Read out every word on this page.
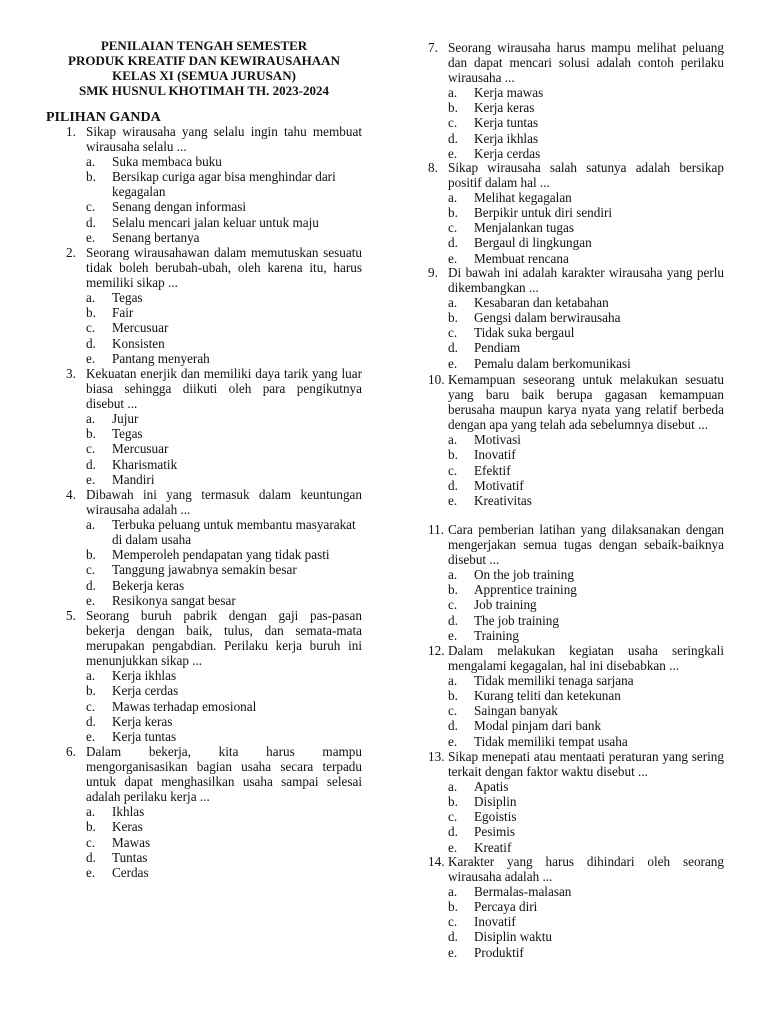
PENILAIAN TENGAH SEMESTER
PRODUK KREATIF DAN KEWIRAUSAHAAN
KELAS XI (SEMUA JURUSAN)
SMK HUSNUL KHOTIMAH TH. 2023-2024
PILIHAN GANDA
1. Sikap wirausaha yang selalu ingin tahu membuat wirausaha selalu ...
a.	Suka membaca buku
b.	Bersikap curiga agar bisa menghindar dari kegagalan
c.	Senang dengan informasi
d.	Selalu mencari jalan keluar untuk maju
e.	Senang bertanya
2. Seorang wirausahawan dalam memutuskan sesuatu tidak boleh berubah-ubah, oleh karena itu, harus memiliki sikap ...
a.	Tegas
b.	Fair
c.	Mercusuar
d.	Konsisten
e.	Pantang menyerah
3. Kekuatan enerjik dan memiliki daya tarik yang luar biasa sehingga diikuti oleh para pengikutnya disebut ...
a.	Jujur
b.	Tegas
c.	Mercusuar
d.	Kharismatik
e.	Mandiri
4. Dibawah ini yang termasuk dalam keuntungan wirausaha adalah ...
a.	Terbuka peluang untuk membantu masyarakat di dalam usaha
b.	Memperoleh pendapatan yang tidak pasti
c.	Tanggung jawabnya semakin besar
d.	Bekerja keras
e.	Resikonya sangat besar
5. Seorang buruh pabrik dengan gaji pas-pasan bekerja dengan baik, tulus, dan semata-mata merupakan pengabdian. Perilaku kerja buruh ini menunjukkan sikap ...
a.	Kerja ikhlas
b.	Kerja cerdas
c.	Mawas terhadap emosional
d.	Kerja keras
e.	Kerja tuntas
6. Dalam bekerja, kita harus mampu mengorganisasikan bagian usaha secara terpadu untuk dapat menghasilkan usaha sampai selesai adalah perilaku kerja ...
a.	Ikhlas
b.	Keras
c.	Mawas
d.	Tuntas
e.	Cerdas
7. Seorang wirausaha harus mampu melihat peluang dan dapat mencari solusi adalah contoh perilaku wirausaha ...
a.	Kerja mawas
b.	Kerja keras
c.	Kerja tuntas
d.	Kerja ikhlas
e.	Kerja cerdas
8. Sikap wirausaha salah satunya adalah bersikap positif dalam hal ...
a.	Melihat kegagalan
b.	Berpikir untuk diri sendiri
c.	Menjalankan tugas
d.	Bergaul di lingkungan
e.	Membuat rencana
9. Di bawah ini adalah karakter wirausaha yang perlu dikembangkan ...
a.	Kesabaran dan ketabahan
b.	Gengsi dalam berwirausaha
c.	Tidak suka bergaul
d.	Pendiam
e.	Pemalu dalam berkomunikasi
10. Kemampuan seseorang untuk melakukan sesuatu yang baru baik berupa gagasan kemampuan berusaha maupun karya nyata yang relatif berbeda dengan apa yang telah ada sebelumnya disebut ...
a.	Motivasi
b.	Inovatif
c.	Efektif
d.	Motivatif
e.	Kreativitas
11. Cara pemberian latihan yang dilaksanakan dengan mengerjakan semua tugas dengan sebaik-baiknya disebut ...
a.	On the job training
b.	Apprentice training
c.	Job training
d.	The job training
e.	Training
12. Dalam melakukan kegiatan usaha seringkali mengalami kegagalan, hal ini disebabkan ...
a.	Tidak memiliki tenaga sarjana
b.	Kurang teliti dan ketekunan
c.	Saingan banyak
d.	Modal pinjam dari bank
e.	Tidak memiliki tempat usaha
13. Sikap menepati atau mentaati peraturan yang sering terkait dengan faktor waktu disebut ...
a.	Apatis
b.	Disiplin
c.	Egoistis
d.	Pesimis
e.	Kreatif
14. Karakter yang harus dihindari oleh seorang wirausaha adalah ...
a.	Bermalas-malasan
b.	Percaya diri
c.	Inovatif
d.	Disiplin waktu
e.	Produktif
